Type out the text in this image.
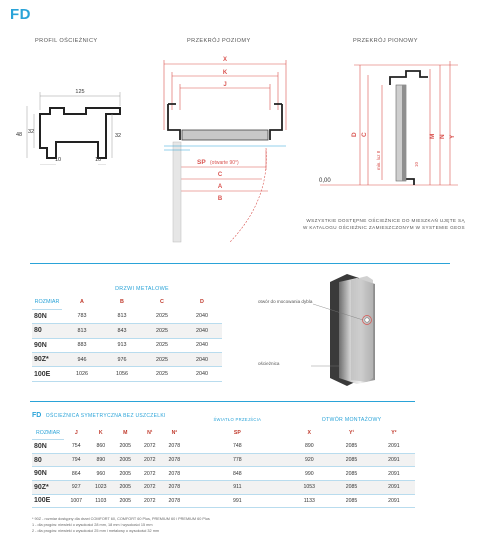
FD
PROFIL OŚCIEŻNICY	PRZEKRÓJ POZIOMY	PRZEKRÓJ PIONOWY
125
48 32
32
10	10
X
K
J
SP (otwarte 90°)
C
A
B
D C
min. luz 8
M N Y
10
0,00
WSZYSTKIE DOSTĘPNE OŚCIEŻNICE DO MIESZKAŃ UJĘTE SĄ
W KATALOGU OŚCIEŻNIC ZAMIESZCZONYM W SYSTEMIE GEOS
	DRZWI METALOWE			
ROZMIAR	A	B	C	D
80N	783	813	2025	2040
80	813	843	2025	2040
90N	883	913	2025	2040
90Z*	946	976	2025	2040
100E	1026	1056	2025	2040
otwór do mocowania dybla
ościeżnica
FD OŚCIEŻNICA SYMETRYCZNA BEZ USZCZELKI
						ŚWIATŁO PRZEJŚCIA	OTWÓR MONTAŻOWY		
ROZMIAR	J	K	M	N¹	N²	SP	X	Y¹	Y²
80N	754	860	2005	2072	2078	748	890	2085	2091
80	794	890	2005	2072	2078	778	920	2085	2091
90N	864	960	2005	2072	2078	848	990	2085	2091
90Z*	927	1023	2005	2072	2078	911	1053	2085	2091
100E	1007	1103	2005	2072	2078	991	1133	2085	2091
* 90Z - rozmiar dostępny dla drzwi COMFORT 60, COMFORT 60 Plus, PREMIUM 60 i PREMIUM 60 Plus
1 - dla progów: niewieki o wysokości 28 mm, 18 mm i wysokości 15 mm
2 - dla progów: niewieki o wysokości 25 mm i metalowy o wysokości 32 mm
